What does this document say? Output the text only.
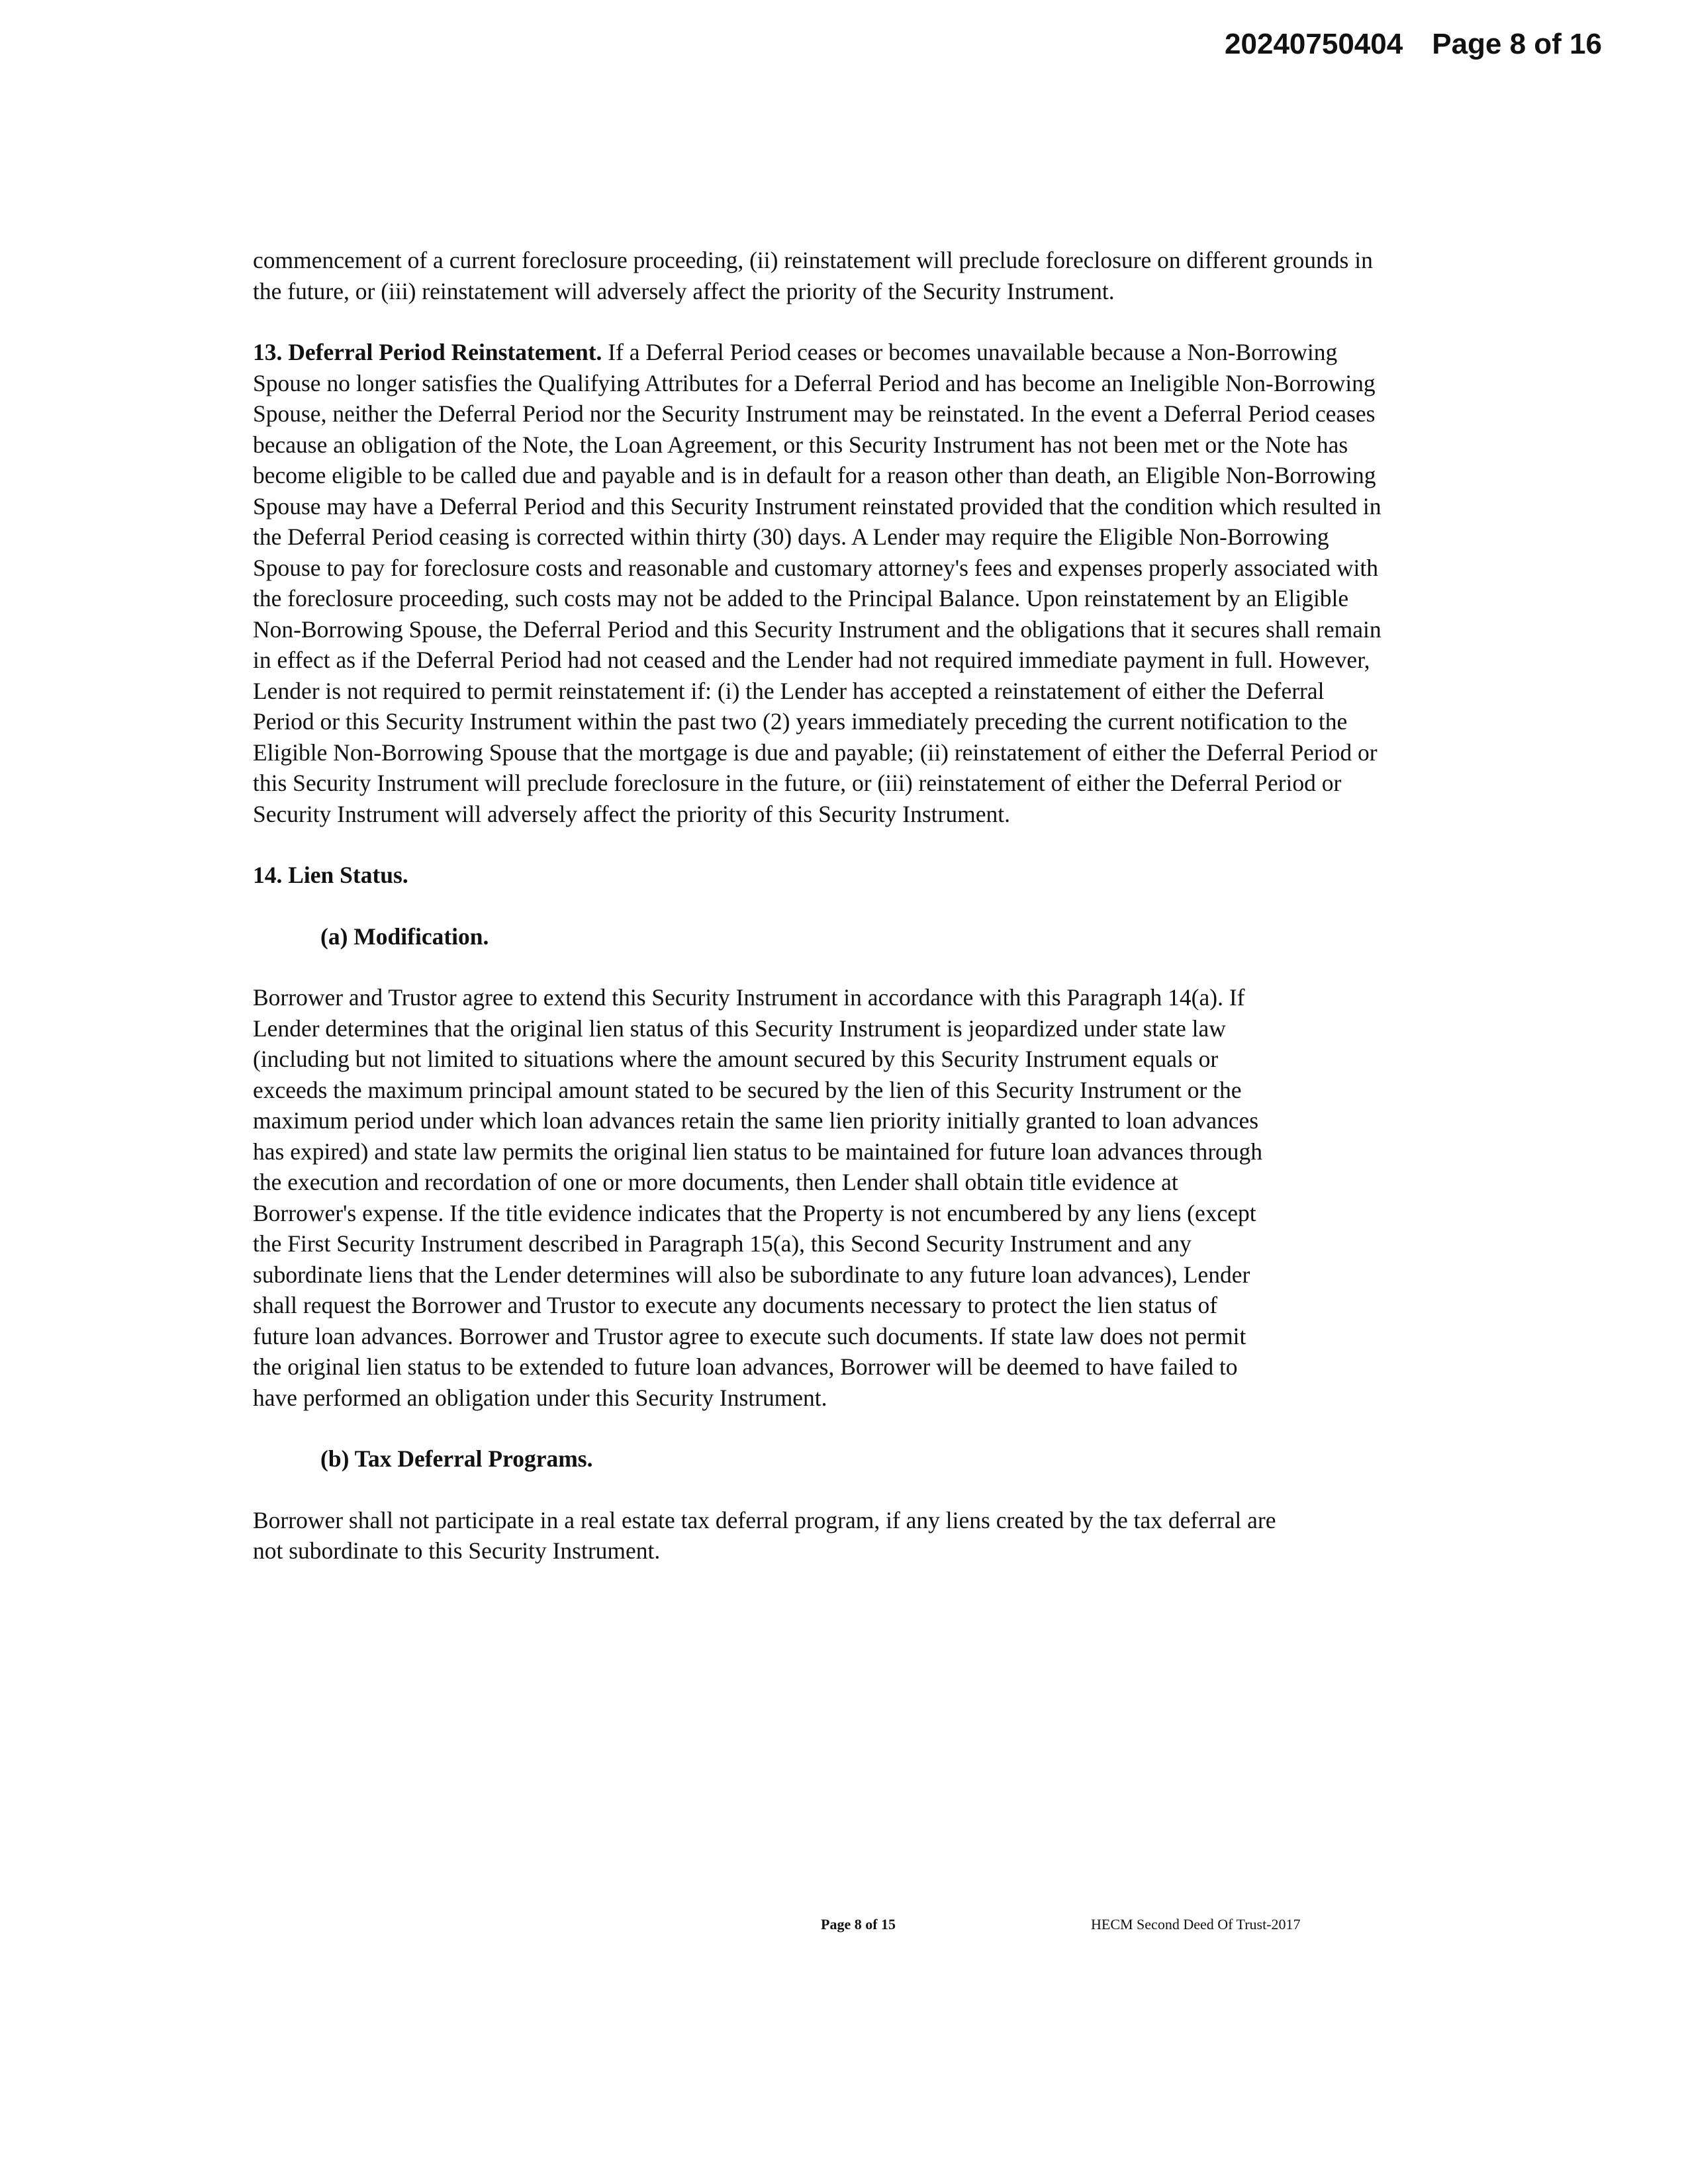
20240750404 Page 8 of 16

commencement of a current foreclosure proceeding, (ii) reinstatement will preclude foreclosure on different grounds in the future, or (iii) reinstatement will adversely affect the priority of the Security Instrument.

13. Deferral Period Reinstatement. If a Deferral Period ceases or becomes unavailable because a Non-Borrowing Spouse no longer satisfies the Qualifying Attributes for a Deferral Period and has become an Ineligible Non-Borrowing Spouse, neither the Deferral Period nor the Security Instrument may be reinstated. In the event a Deferral Period ceases because an obligation of the Note, the Loan Agreement, or this Security Instrument has not been met or the Note has become eligible to be called due and payable and is in default for a reason other than death, an Eligible Non-Borrowing Spouse may have a Deferral Period and this Security Instrument reinstated provided that the condition which resulted in the Deferral Period ceasing is corrected within thirty (30) days. A Lender may require the Eligible Non-Borrowing Spouse to pay for foreclosure costs and reasonable and customary attorney's fees and expenses properly associated with the foreclosure proceeding, such costs may not be added to the Principal Balance. Upon reinstatement by an Eligible Non-Borrowing Spouse, the Deferral Period and this Security Instrument and the obligations that it secures shall remain in effect as if the Deferral Period had not ceased and the Lender had not required immediate payment in full. However, Lender is not required to permit reinstatement if: (i) the Lender has accepted a reinstatement of either the Deferral Period or this Security Instrument within the past two (2) years immediately preceding the current notification to the Eligible Non-Borrowing Spouse that the mortgage is due and payable; (ii) reinstatement of either the Deferral Period or this Security Instrument will preclude foreclosure in the future, or (iii) reinstatement of either the Deferral Period or Security Instrument will adversely affect the priority of this Security Instrument.

14. Lien Status.

(a) Modification.

Borrower and Trustor agree to extend this Security Instrument in accordance with this Paragraph 14(a). If Lender determines that the original lien status of this Security Instrument is jeopardized under state law (including but not limited to situations where the amount secured by this Security Instrument equals or exceeds the maximum principal amount stated to be secured by the lien of this Security Instrument or the maximum period under which loan advances retain the same lien priority initially granted to loan advances has expired) and state law permits the original lien status to be maintained for future loan advances through the execution and recordation of one or more documents, then Lender shall obtain title evidence at Borrower's expense. If the title evidence indicates that the Property is not encumbered by any liens (except the First Security Instrument described in Paragraph 15(a), this Second Security Instrument and any subordinate liens that the Lender determines will also be subordinate to any future loan advances), Lender shall request the Borrower and Trustor to execute any documents necessary to protect the lien status of future loan advances. Borrower and Trustor agree to execute such documents. If state law does not permit the original lien status to be extended to future loan advances, Borrower will be deemed to have failed to have performed an obligation under this Security Instrument.

(b) Tax Deferral Programs.

Borrower shall not participate in a real estate tax deferral program, if any liens created by the tax deferral are not subordinate to this Security Instrument.

Page 8 of 15	HECM Second Deed Of Trust-2017
